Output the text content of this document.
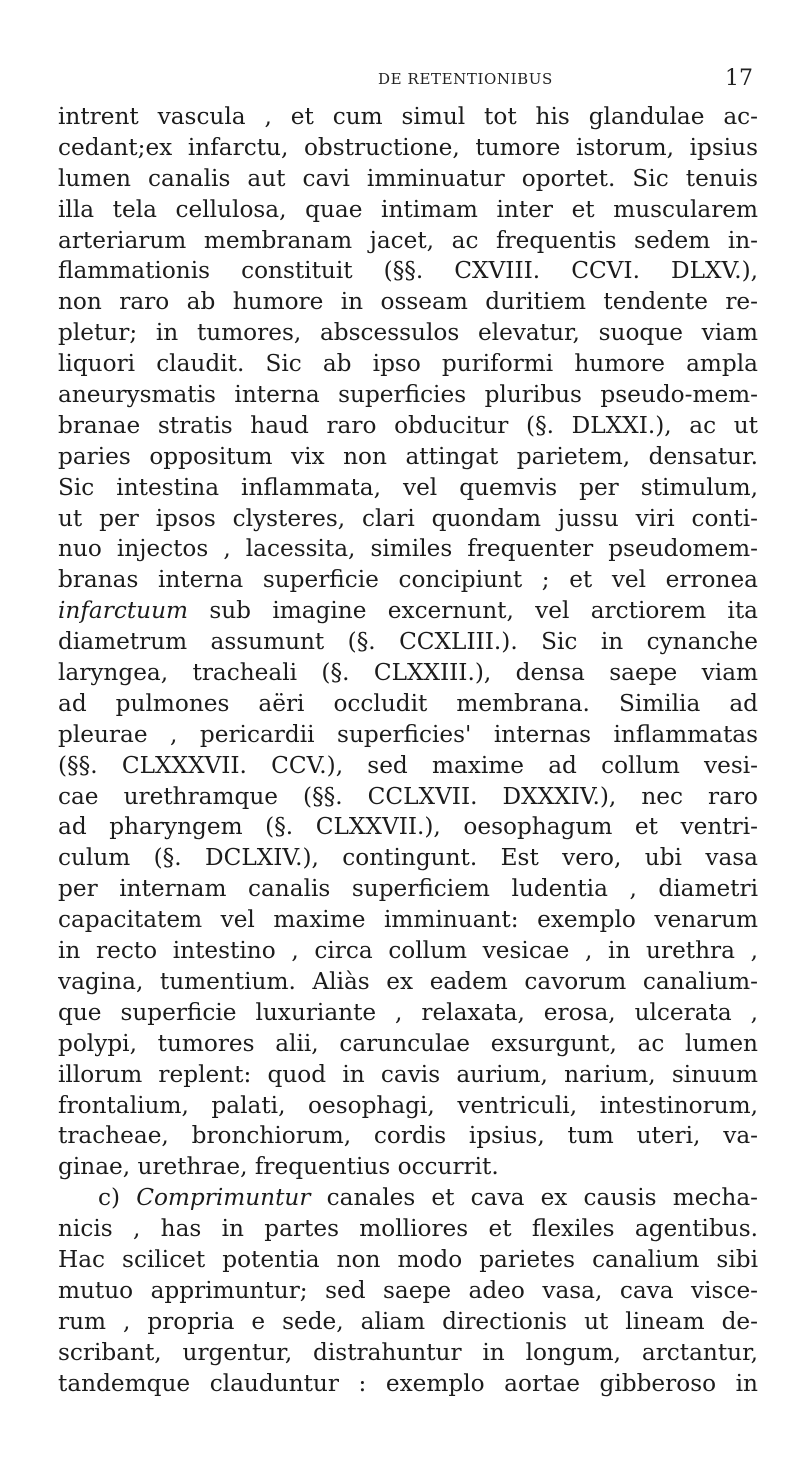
DE RETENTIONIBUS	17
intrent vascula , et cum simul tot his glandulae ac-
cedant;ex infarctu, obstructione, tumore istorum, ipsius
lumen canalis aut cavi imminuatur oportet. Sic tenuis
illa tela cellulosa, quae intimam inter et muscularem
arteriarum membranam jacet, ac frequentis sedem in-
flammationis constituit (§§. CXVIII. CCVI. DLXV.),
non raro ab humore in osseam duritiem tendente re-
pletur; in tumores, abscessulos elevatur, suoque viam
liquori claudit. Sic ab ipso puriformi humore ampla
aneurysmatis interna superficies pluribus pseudo-mem-
branae stratis haud raro obducitur (§. DLXXI.), ac ut
paries oppositum vix non attingat parietem, densatur.
Sic intestina inflammata, vel quemvis per stimulum,
ut per ipsos clysteres, clari quondam jussu viri conti-
nuo injectos , lacessita, similes frequenter pseudomem-
branas interna superficie concipiunt ; et vel erronea
infarctuum sub imagine excernunt, vel arctiorem ita
diametrum assumunt (§. CCXLIII.). Sic in cynanche
laryngea, tracheali (§. CLXXIII.), densa saepe viam
ad pulmones aëri occludit membrana. Similia ad
pleurae , pericardii superficies' internas inflammatas
(§§. CLXXXVII. CCV.), sed maxime ad collum vesi-
cae urethramque (§§. CCLXVII. DXXXIV.), nec raro
ad pharyngem (§. CLXXVII.), oesophagum et ventri-
culum (§. DCLXIV.), contingunt. Est vero, ubi vasa
per internam canalis superficiem ludentia , diametri
capacitatem vel maxime imminuant: exemplo venarum
in recto intestino , circa collum vesicae , in urethra ,
vagina, tumentium. Aliàs ex eadem cavorum canalium-
que superficie luxuriante , relaxata, erosa, ulcerata ,
polypi, tumores alii, carunculae exsurgunt, ac lumen
illorum replent: quod in cavis aurium, narium, sinuum
frontalium, palati, oesophagi, ventriculi, intestinorum,
tracheae, bronchiorum, cordis ipsius, tum uteri, va-
ginae, urethrae, frequentius occurrit.
c) Comprimuntur canales et cava ex causis mecha-
nicis , has in partes molliores et flexiles agentibus.
Hac scilicet potentia non modo parietes canalium sibi
mutuo apprimuntur; sed saepe adeo vasa, cava visce-
rum , propria e sede, aliam directionis ut lineam de-
scribant, urgentur, distrahuntur in longum, arctantur,
tandemque clauduntur : exemplo aortae gibberoso in
